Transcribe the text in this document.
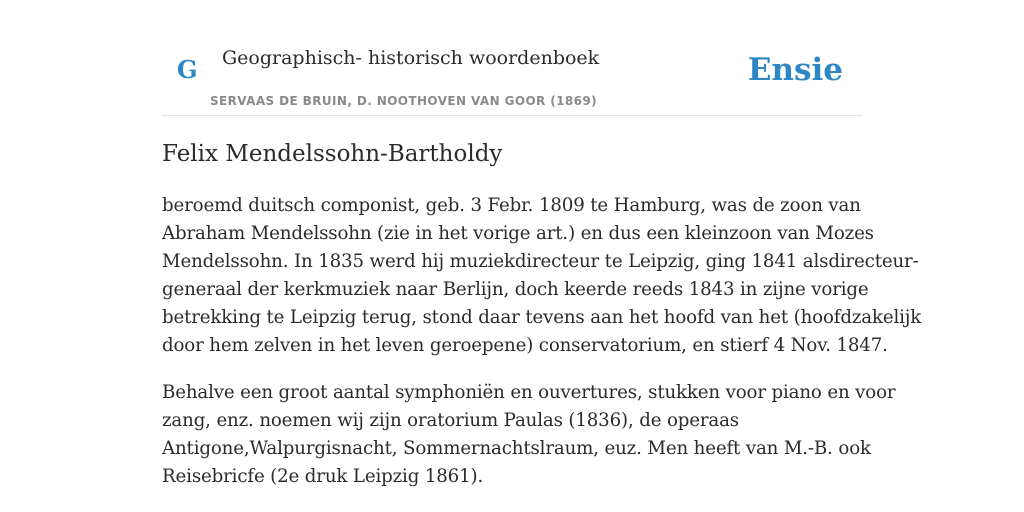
G Geographisch- historisch woordenboek
SERVAAS DE BRUIN, D. NOOTHOVEN VAN GOOR (1869)
Ensie
Felix Mendelssohn-Bartholdy

beroemd duitsch componist, geb. 3 Febr. 1809 te Hamburg, was de zoon van
Abraham Mendelssohn (zie in het vorige art.) en dus een kleinzoon van Mozes
Mendelssohn. In 1835 werd hij muziekdirecteur te Leipzig, ging 1841 alsdirecteur-
generaal der kerkmuziek naar Berlijn, doch keerde reeds 1843 in zijne vorige
betrekking te Leipzig terug, stond daar tevens aan het hoofd van het (hoofdzakelijk
door hem zelven in het leven geroepene) conservatorium, en stierf 4 Nov. 1847.

Behalve een groot aantal symphoniën en ouvertures, stukken voor piano en voor
zang, enz. noemen wij zijn oratorium Paulas (1836), de operaas
Antigone,Walpurgisnacht, Sommernachtslraum, euz. Men heeft van M.-B. ook
Reisebricfe (2e druk Leipzig 1861).
